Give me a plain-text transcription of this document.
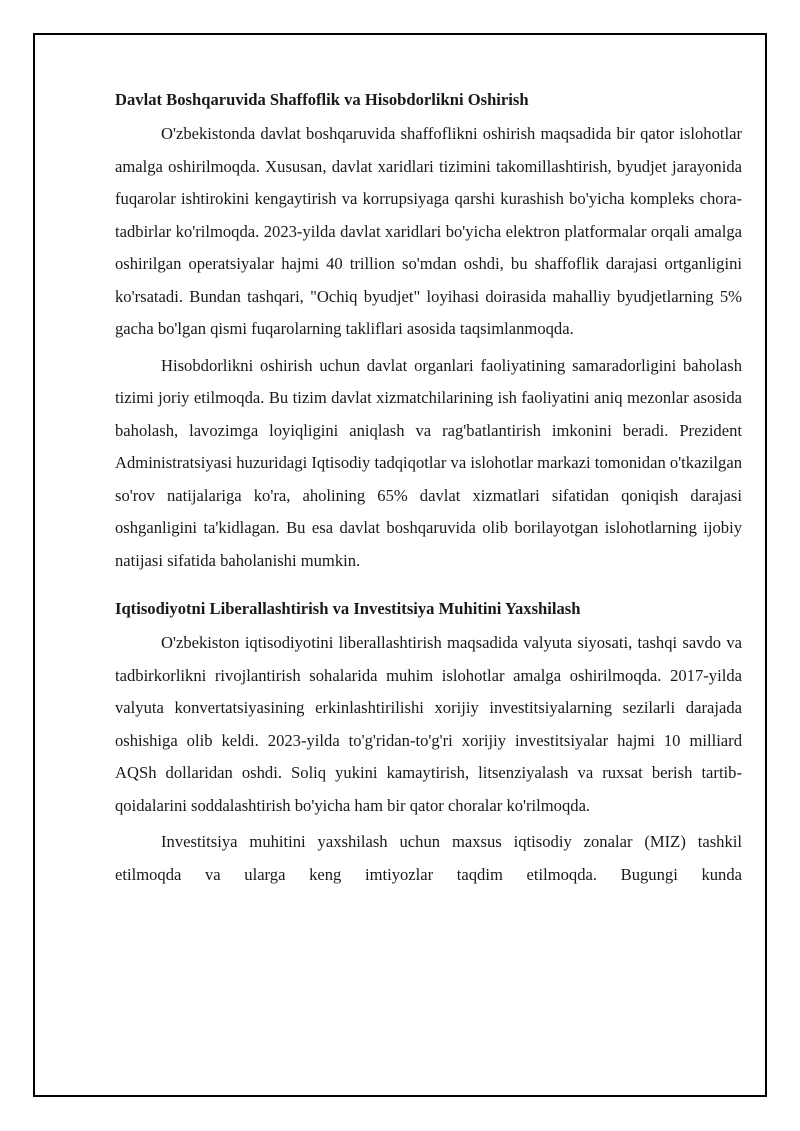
Davlat Boshqaruvida Shaffoflik va Hisobdorlikni Oshirish

O'zbekistonda davlat boshqaruvida shaffoflikni oshirish maqsadida bir qator islohotlar amalga oshirilmoqda. Xususan, davlat xaridlari tizimini takomillashtirish, byudjet jarayonida fuqarolar ishtirokini kengaytirish va korrupsiyaga qarshi kurashish bo'yicha kompleks chora-tadbirlar ko'rilmoqda. 2023-yilda davlat xaridlari bo'yicha elektron platformalar orqali amalga oshirilgan operatsiyalar hajmi 40 trillion so'mdan oshdi, bu shaffoflik darajasi ortganligini ko'rsatadi. Bundan tashqari, "Ochiq byudjet" loyihasi doirasida mahalliy byudjetlarning 5% gacha bo'lgan qismi fuqarolarning takliflari asosida taqsimlanmoqda.

Hisobdorlikni oshirish uchun davlat organlari faoliyatining samaradorligini baholash tizimi joriy etilmoqda. Bu tizim davlat xizmatchilarining ish faoliyatini aniq mezonlar asosida baholash, lavozimga loyiqligini aniqlash va rag'batlantirish imkonini beradi. Prezident Administratsiyasi huzuridagi Iqtisodiy tadqiqotlar va islohotlar markazi tomonidan o'tkazilgan so'rov natijalariga ko'ra, aholining 65% davlat xizmatlari sifatidan qoniqish darajasi oshganligini ta'kidlagan. Bu esa davlat boshqaruvida olib borilayotgan islohotlarning ijobiy natijasi sifatida baholanishi mumkin.

Iqtisodiyotni Liberallashtirish va Investitsiya Muhitini Yaxshilash

O'zbekiston iqtisodiyotini liberallashtirish maqsadida valyuta siyosati, tashqi savdo va tadbirkorlikni rivojlantirish sohalarida muhim islohotlar amalga oshirilmoqda. 2017-yilda valyuta konvertatsiyasining erkinlashtirilishi xorijiy investitsiyalarning sezilarli darajada oshishiga olib keldi. 2023-yilda to'g'ridan-to'g'ri xorijiy investitsiyalar hajmi 10 milliard AQSh dollaridan oshdi. Soliq yukini kamaytirish, litsenziyalash va ruxsat berish tartib-qoidalarini soddalashtirish bo'yicha ham bir qator choralar ko'rilmoqda.

Investitsiya muhitini yaxshilash uchun maxsus iqtisodiy zonalar (MIZ) tashkil etilmoqda va ularga keng imtiyozlar taqdim etilmoqda. Bugungi kunda
